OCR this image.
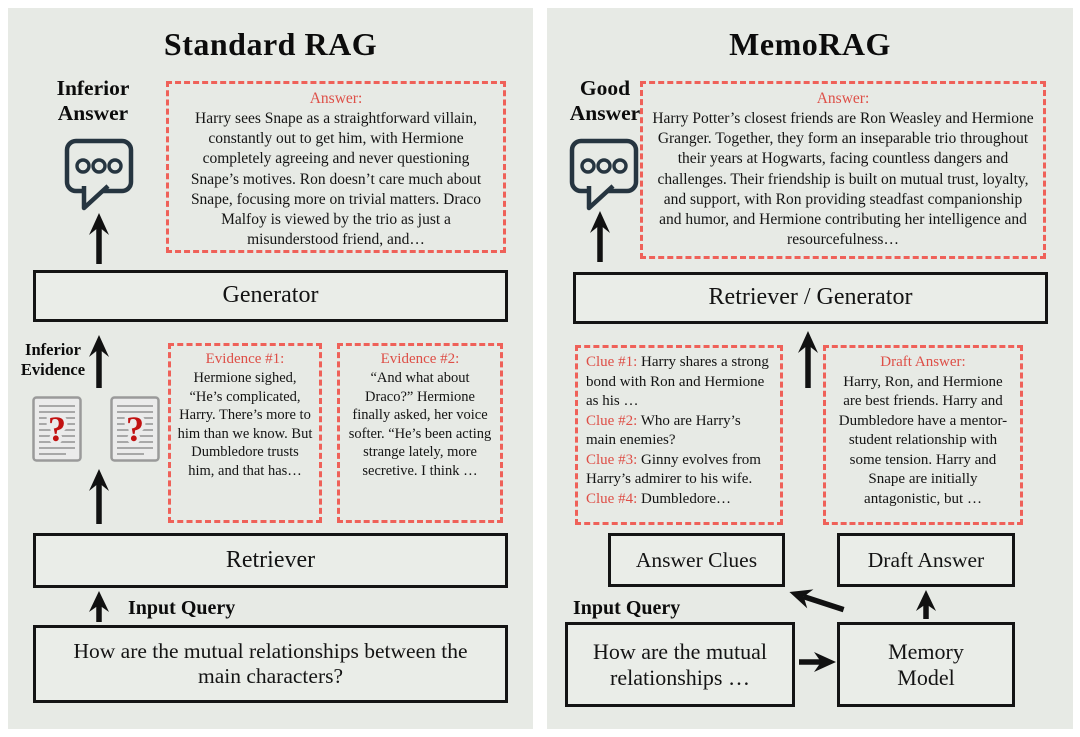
Standard RAG
Inferior
Answer
Answer:
Harry sees Snape as a straightforward villain, constantly out to get him, with Hermione completely agreeing and never questioning Snape’s motives. Ron doesn’t care much about Snape, focusing more on trivial matters. Draco Malfoy is viewed by the trio as just a misunderstood friend, and…
Generator
Inferior
Evidence
? ?
Evidence #1:
Hermione sighed, “He’s complicated, Harry. There’s more to him than we know. But Dumbledore trusts him, and that has…
Evidence #2:
“And what about Draco?” Hermione finally asked, her voice softer. “He’s been acting strange lately, more secretive. I think …
Retriever
Input Query
How are the mutual relationships between the main characters?
MemoRAG
Good
Answer
Answer:
Harry Potter’s closest friends are Ron Weasley and Hermione Granger. Together, they form an inseparable trio throughout their years at Hogwarts, facing countless dangers and challenges. Their friendship is built on mutual trust, loyalty, and support, with Ron providing steadfast companionship and humor, and Hermione contributing her intelligence and resourcefulness…
Retriever / Generator

Clue #1: Harry shares a strong bond with Ron and Hermione as his …

Clue #2: Who are Harry’s main enemies?

Clue #3: Ginny evolves from Harry’s admirer to his wife.

Clue #4: Dumbledore…

Draft Answer:
Harry, Ron, and Hermione are best friends. Harry and Dumbledore have a mentor-student relationship with some tension. Harry and Snape are initially antagonistic, but …
Answer Clues	Draft Answer
Input Query
How are the mutual relationships …
Memory
Model
